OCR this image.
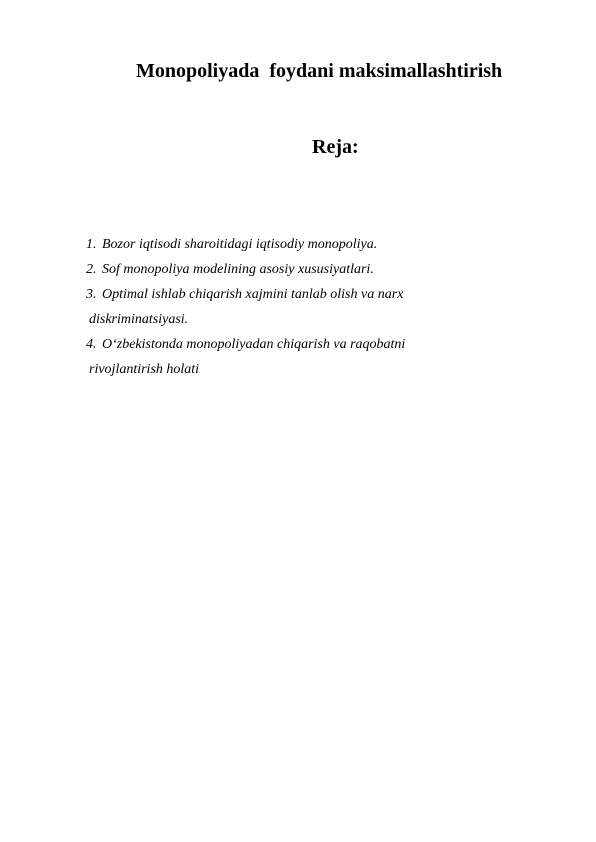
Monopoliyada  foydani maksimallashtirish
Reja:
1. Bozor iqtisodi sharoitidagi iqtisodiy monopoliya.
2. Sof monopoliya modelining asosiy xususiyatlari.
3. Optimal ishlab chiqarish xajmini tanlab olish va narx
diskriminatsiyasi.
4. O‘zbekistonda monopoliyadan chiqarish va raqobatni
rivojlantirish holati
